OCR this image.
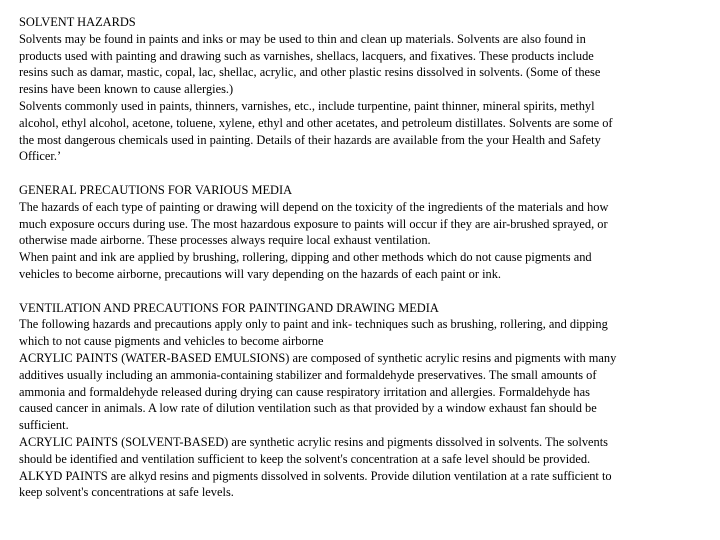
SOLVENT HAZARDS
Solvents may be found in paints and inks or may be used to thin and clean up materials. Solvents are also found in
products used with painting and drawing such as varnishes, shellacs, lacquers, and fixatives. These products include
resins such as damar, mastic, copal, lac, shellac, acrylic, and other plastic resins dissolved in solvents. (Some of these
resins have been known to cause allergies.)
Solvents commonly used in paints, thinners, varnishes, etc., include turpentine, paint thinner, mineral spirits, methyl
alcohol, ethyl alcohol, acetone, toluene, xylene, ethyl and other acetates, and petroleum distillates. Solvents are some of
the most dangerous chemicals used in painting. Details of their hazards are available from the your Health and Safety
Officer.’
GENERAL PRECAUTIONS FOR VARIOUS MEDIA
The hazards of each type of painting or drawing will depend on the toxicity of the ingredients of the materials and how
much exposure occurs during use. The most hazardous exposure to paints will occur if they are air-brushed sprayed, or
otherwise made airborne. These processes always require local exhaust ventilation.
When paint and ink are applied by brushing, rollering, dipping and other methods which do not cause pigments and
vehicles to become airborne, precautions will vary depending on the hazards of each paint or ink.
VENTILATION AND PRECAUTIONS FOR PAINTINGAND DRAWING MEDIA
The following hazards and precautions apply only to paint and ink- techniques such as brushing, rollering, and dipping
which to not cause pigments and vehicles to become airborne
ACRYLIC PAINTS (WATER-BASED EMULSIONS) are composed of synthetic acrylic resins and pigments with many
additives usually including an ammonia-containing stabilizer and formaldehyde preservatives. The small amounts of
ammonia and formaldehyde released during drying can cause respiratory irritation and allergies. Formaldehyde has
caused cancer in animals. A low rate of dilution ventilation such as that provided by a window exhaust fan should be
sufficient.
ACRYLIC PAINTS (SOLVENT-BASED) are synthetic acrylic resins and pigments dissolved in solvents. The solvents
should be identified and ventilation sufficient to keep the solvent's concentration at a safe level should be provided.
ALKYD PAINTS are alkyd resins and pigments dissolved in solvents. Provide dilution ventilation at a rate sufficient to
keep solvent's concentrations at safe levels.
